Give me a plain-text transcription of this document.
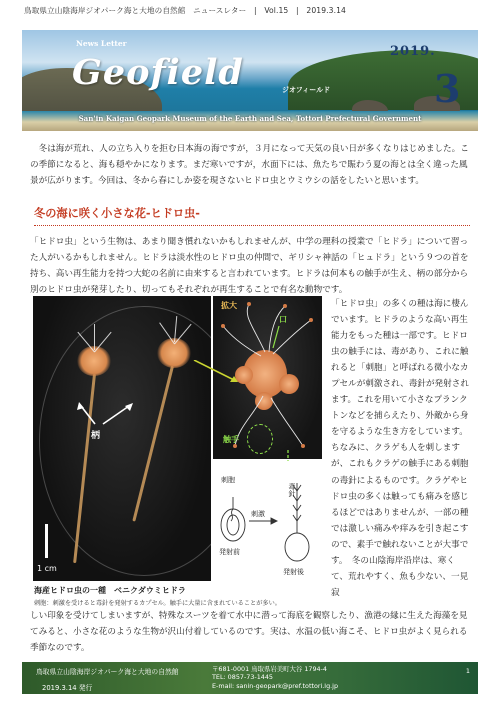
鳥取県立山陰海岸ジオパーク海と大地の自然館　ニュースレター　|　Vol.15　|　2019.3.14
News Letter
Geofield	ジオフィールド
2019.
3
San'in Kaigan Geopark Museum of the Earth and Sea, Tottori Prefectural Government

冬は海が荒れ、人の立ち入りを拒む日本海の海ですが，３月になって天気の良い日が多くなりはじめました。この季節になると、海も穏やかになります。まだ寒いですが，水面下には、魚たちで賑わう夏の海とは全く違った風景が広がります。今回は、冬から春にしか姿を現さないヒドロ虫とウミウシの話をしたいと思います。

冬の海に咲く小さな花-ヒドロ虫-

「ヒドロ虫」という生物は、あまり聞き慣れないかもしれませんが、中学の理科の授業で「ヒドラ」について習った人がいるかもしれません。ヒドラは淡水性のヒドロ虫の仲間で、ギリシャ神話の「ヒュドラ」という９つの首を持ち、高い再生能力を持つ大蛇の名前に由来すると言われています。ヒドラは何本もの触手が生え、柄の部分から別のヒドロ虫が発芽したり、切ってもそれぞれが再生することで有名な動物です。

柄
1 cm
拡大
口
触手
刺胞
刺激
毒針
発射前
発射後
海産ヒドロ虫の一種　ベニクダウミヒドラ
刺胞：刺激を受けると毒針を発射するカプセル。触手に大量に含まれていることが多い。

「ヒドロ虫」の多くの種は海に棲んでいます。ヒドラのような高い再生能力をもった種は一部です。ヒドロ虫の触手には、毒があり、これに触れると「刺胞」と呼ばれる微小なカプセルが刺激され、毒針が発射されます。これを用いて小さなプランクトンなどを捕らえたり、外敵から身を守るような生き方をしています。　ちなみに、クラゲも人を刺しますが、これもクラゲの触手にある刺胞の毒針によるものです。クラゲやヒドロ虫の多くは触っても痛みを感じるほどではありませんが、一部の種では激しい痛みや痒みを引き起こすので、素手で触れないことが大事です。　冬の山陰海岸沿岸は、寒くて、荒れやすく、魚も少ない、一見寂

しい印象を受けてしまいますが、特殊なスーツを着て水中に潜って海底を観察したり、漁港の縁に生えた海藻を見てみると、小さな花のような生物が沢山付着しているのです。実は、水温の低い海こそ、ヒドロ虫がよく見られる季節なのです。

鳥取県立山陰海岸ジオパーク海と大地の自然館
2019.3.14 発行
〒681-0001 鳥取県岩美町大谷 1794-4
TEL: 0857-73-1445
E-mail: sanin-geopark@pref.tottori.lg.jp
1
